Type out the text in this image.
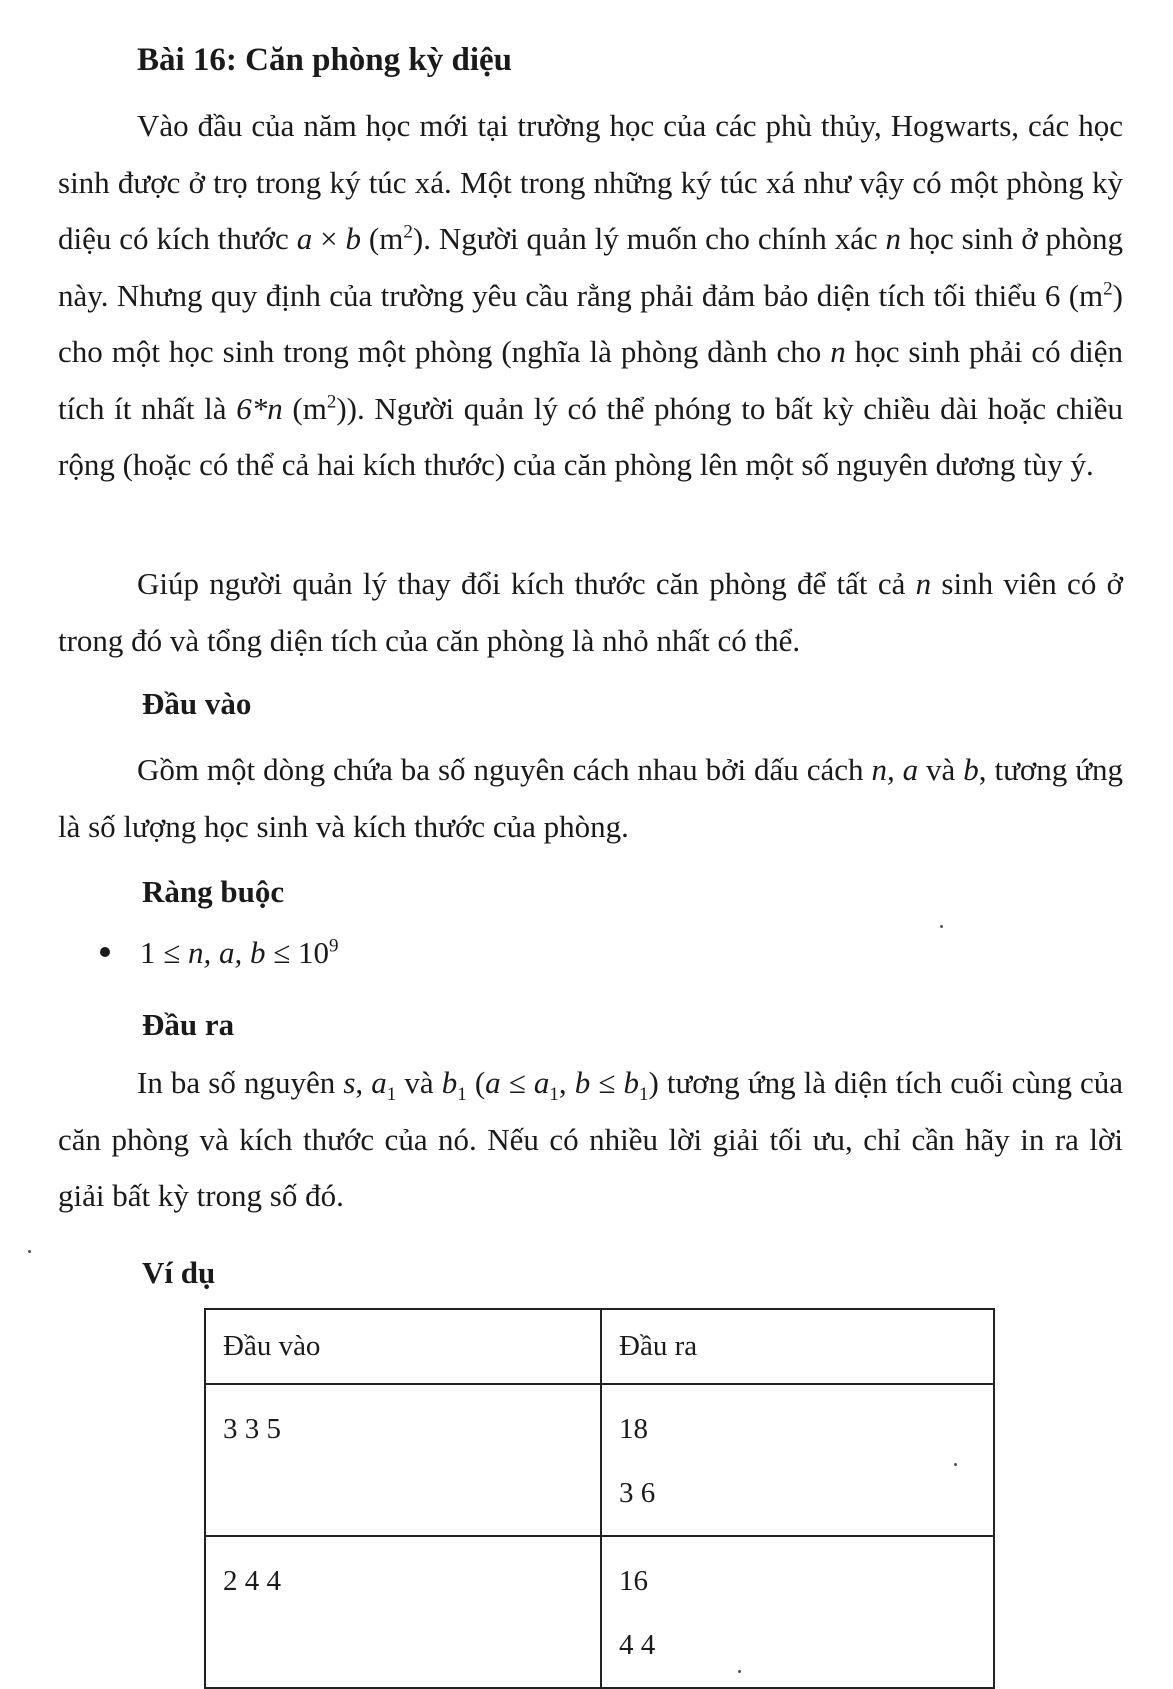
Bài 16: Căn phòng kỳ diệu
Vào đầu của năm học mới tại trường học của các phù thủy, Hogwarts, các học sinh được ở trọ trong ký túc xá. Một trong những ký túc xá như vậy có một phòng kỳ diệu có kích thước a × b $(m^2)$. Người quản lý muốn cho chính xác n học sinh ở phòng này. Nhưng quy định của trường yêu cầu rằng phải đảm bảo diện tích tối thiểu 6 $(m^2)$ cho một học sinh trong một phòng (nghĩa là phòng dành cho n học sinh phải có diện tích ít nhất là 6*n $(m^2)$). Người quản lý có thể phóng to bất kỳ chiều dài hoặc chiều rộng (hoặc có thể cả hai kích thước) của căn phòng lên một số nguyên dương tùy ý.
Giúp người quản lý thay đổi kích thước căn phòng để tất cả n sinh viên có ở trong đó và tổng diện tích của căn phòng là nhỏ nhất có thể.
Đầu vào
Gồm một dòng chứa ba số nguyên cách nhau bởi dấu cách n, a và b, tương ứng là số lượng học sinh và kích thước của phòng.
Ràng buộc
1 ≤ n, a, $b \le 10^9$
Đầu ra
In ba số nguyên s, $a_1$ và $b_1$ ($a \le a_1$, $b \le b_1$) tương ứng là diện tích cuối cùng của căn phòng và kích thước của nó. Nếu có nhiều lời giải tối ưu, chỉ cần hãy in ra lời giải bất kỳ trong số đó.
Ví dụ
Đầu vào	Đầu ra

3 3 5	18
3 6

2 4 4	16
4 4
